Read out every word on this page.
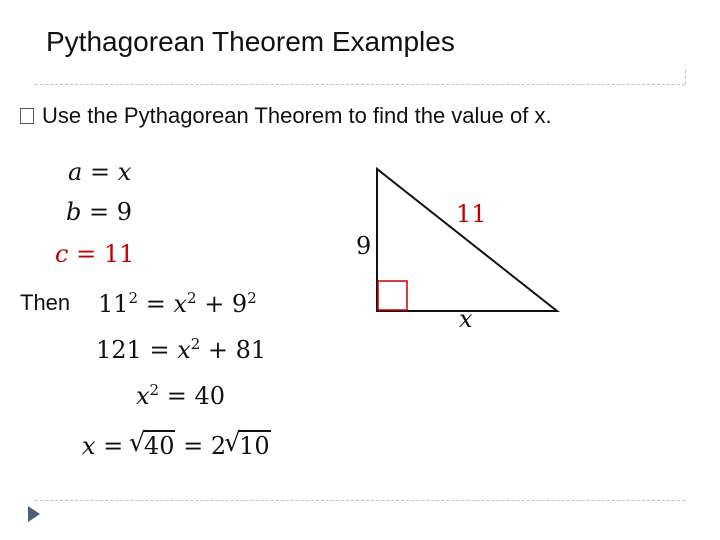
Pythagorean Theorem Examples
Use the Pythagorean Theorem to find the value of x.
a = x
b = 9
c = 11
Then $11^2 = x^2 + 9^2$
$121 = x^2 + 81$
$x^2 = 40$
x = √ 40 = 2√ 10
9
x
11
